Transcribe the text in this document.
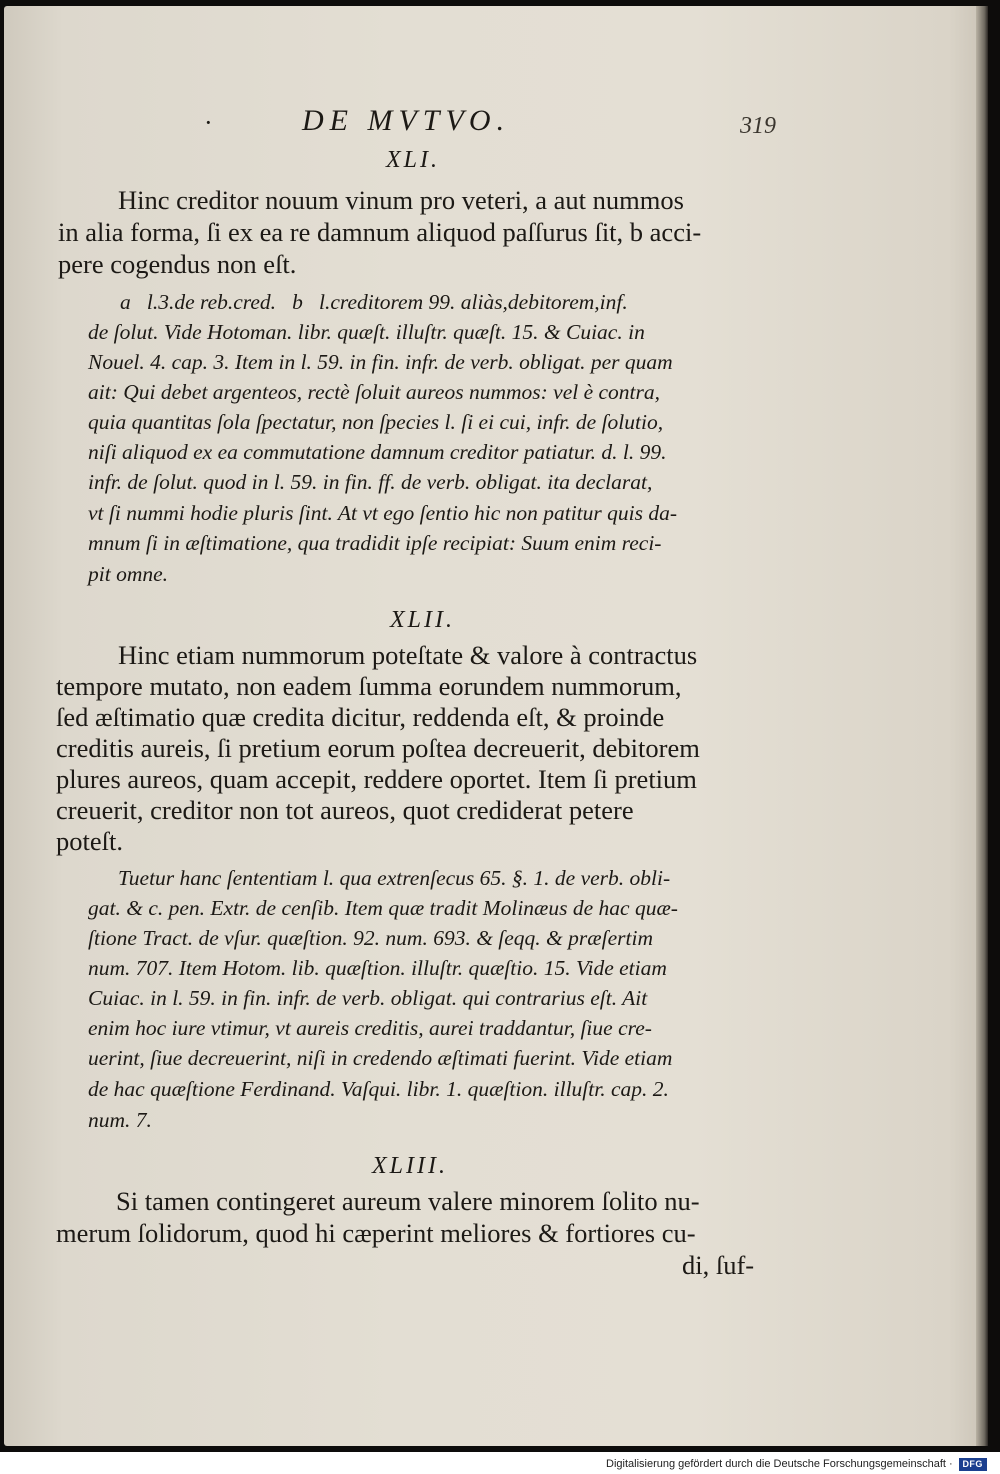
·	DE MVTVO.	319
XLI.
Hinc creditor nouum vinum pro veteri, a aut nummos
in alia forma, ſi ex ea re damnum aliquod paſſurus ſit, b acci-
pere cogendus non eſt.
a   l.3.de reb.cred.   b   l.creditorem 99. aliàs,debitorem,inf.
de ſolut. Vide Hotoman. libr. quæſt. illuſtr. quæſt. 15. & Cuiac. in
Nouel. 4. cap. 3. Item in l. 59. in fin. infr. de verb. obligat. per quam
ait: Qui debet argenteos, rectè ſoluit aureos nummos: vel è contra,
quia quantitas ſola ſpectatur, non ſpecies l. ſi ei cui, infr. de ſolutio,
niſi aliquod ex ea commutatione damnum creditor patiatur. d. l. 99.
infr. de ſolut. quod in l. 59. in fin. ff. de verb. obligat. ita declarat,
vt ſi nummi hodie pluris ſint. At vt ego ſentio hic non patitur quis da-
mnum ſi in æſtimatione, qua tradidit ipſe recipiat: Suum enim reci-
pit omne.
XLII.
Hinc etiam nummorum poteſtate & valore à contractus
tempore mutato, non eadem ſumma eorundem nummorum,
ſed æſtimatio quæ credita dicitur, reddenda eſt, & proinde
creditis aureis, ſi pretium eorum poſtea decreuerit, debitorem
plures aureos, quam accepit, reddere oportet. Item ſi pretium
creuerit, creditor non tot aureos, quot crediderat petere
poteſt.
Tuetur hanc ſententiam l. qua extrenſecus 65. §. 1. de verb. obli-
gat. & c. pen. Extr. de cenſib. Item quæ tradit Molinæus de hac quæ-
ſtione Tract. de vſur. quæſtion. 92. num. 693. & ſeqq. & præſertim
num. 707. Item Hotom. lib. quæſtion. illuſtr. quæſtio. 15. Vide etiam
Cuiac. in l. 59. in fin. infr. de verb. obligat. qui contrarius eſt. Ait
enim hoc iure vtimur, vt aureis creditis, aurei traddantur, ſiue cre-
uerint, ſiue decreuerint, niſi in credendo æſtimati fuerint. Vide etiam
de hac quæſtione Ferdinand. Vaſqui. libr. 1. quæſtion. illuſtr. cap. 2.
num. 7.
XLIII.
Si tamen contingeret aureum valere minorem ſolito nu-
merum ſolidorum, quod hi cæperint meliores & fortiores cu-
di, ſuf-
Digitalisierung gefördert durch die Deutsche Forschungsgemeinschaft ·	DFG
